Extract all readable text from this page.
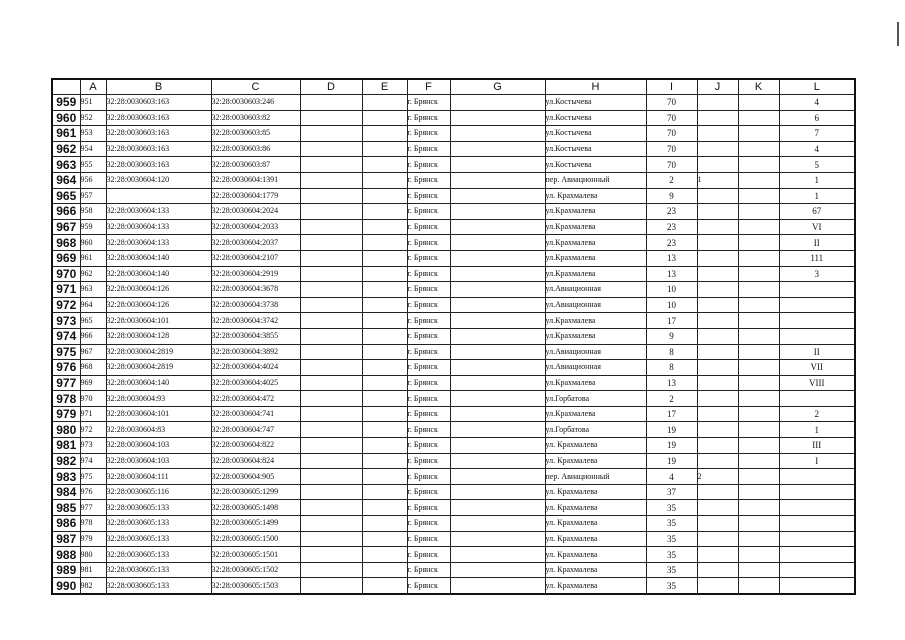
	A	B	C	D	E	F	G	H	I	J	K	L
959	951	32:28:0030603:163	32:28:0030603:246			г. Брянск		ул.Костычева	70			4
960	952	32:28:0030603:163	32:28:0030603:82			г. Брянск		ул.Костычева	70			6
961	953	32:28:0030603:163	32:28:0030603:85			г. Брянск		ул.Костычева	70			7
962	954	32:28:0030603:163	32:28:0030603:86			г. Брянск		ул.Костычева	70			4
963	955	32:28:0030603:163	32:28:0030603:87			г. Брянск		ул.Костычева	70			5
964	956	32:28:0030604:120	32:28:0030604:1391			г. Брянск		пер. Авиационный	2	1		1
965	957		32:28:0030604:1779			г. Брянск		ул. Крахмалева	9			1
966	958	32:28:0030604:133	32:28:0030604:2024			г. Брянск		ул.Крахмалева	23			67
967	959	32:28:0030604:133	32:28:0030604:2033			г. Брянск		ул.Крахмалева	23			VI
968	960	32:28:0030604:133	32:28:0030604:2037			г. Брянск		ул.Крахмалева	23			II
969	961	32:28:0030604:140	32:28:0030604:2107			г. Брянск		ул.Крахмалева	13			111
970	962	32:28:0030604:140	32:28:0030604:2919			г. Брянск		ул.Крахмалева	13			3
971	963	32:28:0030604:126	32:28:0030604:3678			г. Брянск		ул.Авиационная	10			
972	964	32:28:0030604:126	32:28:0030604:3738			г. Брянск		ул.Авиационная	10			
973	965	32:28:0030604:101	32:28:0030604:3742			г. Брянск		ул.Крахмалева	17			
974	966	32:28:0030604:128	32:28:0030604:3855			г. Брянск		ул.Крахмалева	9			
975	967	32:28:0030604:2819	32:28:0030604:3892			г. Брянск		ул.Авиационная	8			II
976	968	32:28:0030604:2819	32:28:0030604:4024			г. Брянск		ул.Авиационная	8			VII
977	969	32:28:0030604:140	32:28:0030604:4025			г. Брянск		ул.Крахмалева	13			VIII
978	970	32:28:0030604:93	32:28:0030604:472			г. Брянск		ул.Горбатова	2			
979	971	32:28:0030604:101	32:28:0030604:741			г. Брянск		ул.Крахмалева	17			2
980	972	32:28:0030604:83	32:28:0030604:747			г. Брянск		ул.Горбатова	19			1
981	973	32:28:0030604:103	32:28:0030604:822			г. Брянск		ул. Крахмалева	19			III
982	974	32:28:0030604:103	32:28:0030604:824			г. Брянск		ул. Крахмалева	19			I
983	975	32:28:0030604:111	32:28:0030604:905			г. Брянск		пер. Авиационный	4	2		
984	976	32:28:0030605:116	32:28:0030605:1299			г. Брянск		ул. Крахмалева	37			
985	977	32:28:0030605:133	32:28:0030605:1498			г. Брянск		ул. Крахмалева	35			
986	978	32:28:0030605:133	32:28:0030605:1499			г. Брянск		ул. Крахмалева	35			
987	979	32:28:0030605:133	32:28:0030605:1500			г. Брянск		ул. Крахмалева	35			
988	980	32:28:0030605:133	32:28:0030605:1501			г. Брянск		ул. Крахмалева	35			
989	981	32:28:0030605:133	32:28:0030605:1502			г. Брянск		ул. Крахмалева	35			
990	982	32:28:0030605:133	32:28:0030605:1503			г. Брянск		ул. Крахмалева	35			
